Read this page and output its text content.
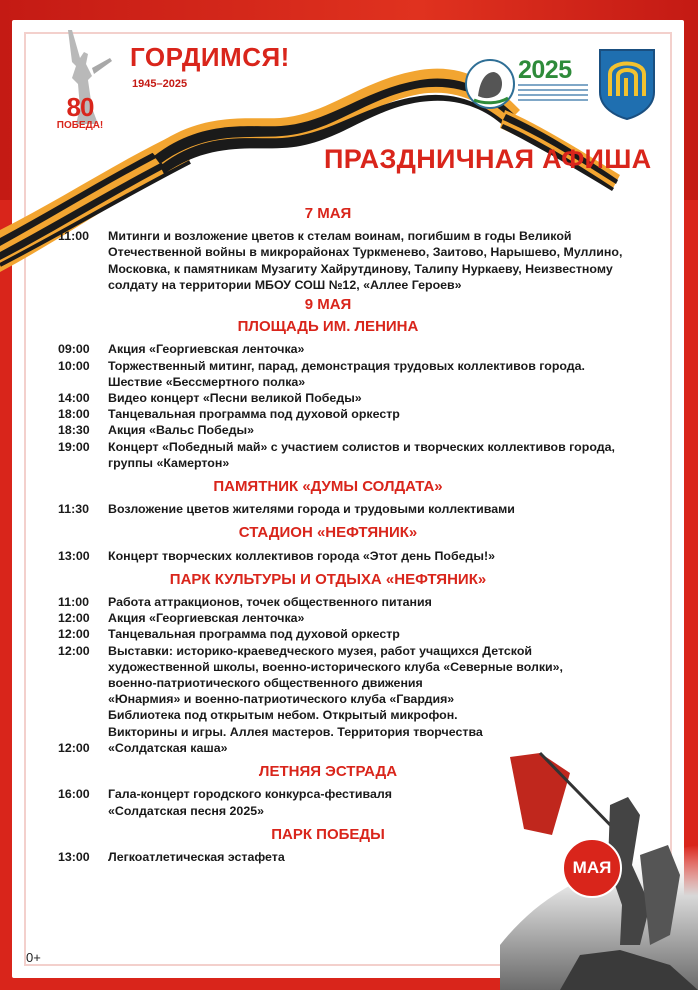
80
ПОБЕДА!
ГОРДИМСЯ!
1945–2025	2025
ПРАЗДНИЧНАЯ АФИША
7 МАЯ
11:00	Митинги и возложение цветов к стелам воинам, погибшим в годы Великой
Отечественной войны в микрорайонах Туркменево, Заитово, Нарышево, Муллино,
Московка, к памятникам Музагиту Хайрутдинову, Талипу Нуркаеву, Неизвестному
солдату на территории МБОУ СОШ №12, «Аллее Героев»
9 МАЯ
ПЛОЩАДЬ ИМ. ЛЕНИНА
09:00	Акция «Георгиевская ленточка»
10:00	Торжественный митинг, парад, демонстрация трудовых коллективов города.
Шествие «Бессмертного полка»
14:00	Видео концерт «Песни великой Победы»
18:00	Танцевальная программа под духовой оркестр
18:30	Акция «Вальс Победы»
19:00	Концерт «Победный май» с участием солистов и творческих коллективов города,
группы «Камертон»
ПАМЯТНИК «ДУМЫ СОЛДАТА»
11:30	Возложение цветов жителями города и трудовыми коллективами
СТАДИОН «НЕФТЯНИК»
13:00	Концерт творческих коллективов города «Этот день Победы!»
ПАРК КУЛЬТУРЫ И ОТДЫХА «НЕФТЯНИК»
11:00	Работа аттракционов, точек общественного питания
12:00	Акция «Георгиевская ленточка»
12:00	Танцевальная программа под духовой оркестр
12:00	Выставки: историко-краеведческого музея, работ учащихся Детской
художественной школы, военно-исторического клуба «Северные волки»,
военно-патриотического общественного движения
«Юнармия» и военно-патриотического клуба «Гвардия»
Библиотека под открытым небом. Открытый микрофон.
Викторины и игры. Аллея мастеров. Территория творчества
12:00	«Солдатская каша»
ЛЕТНЯЯ ЭСТРАДА
16:00	Гала-концерт городского конкурса-фестиваля
«Солдатская песня 2025»
ПАРК ПОБЕДЫ
13:00	Легкоатлетическая эстафета
МАЯ
0+
